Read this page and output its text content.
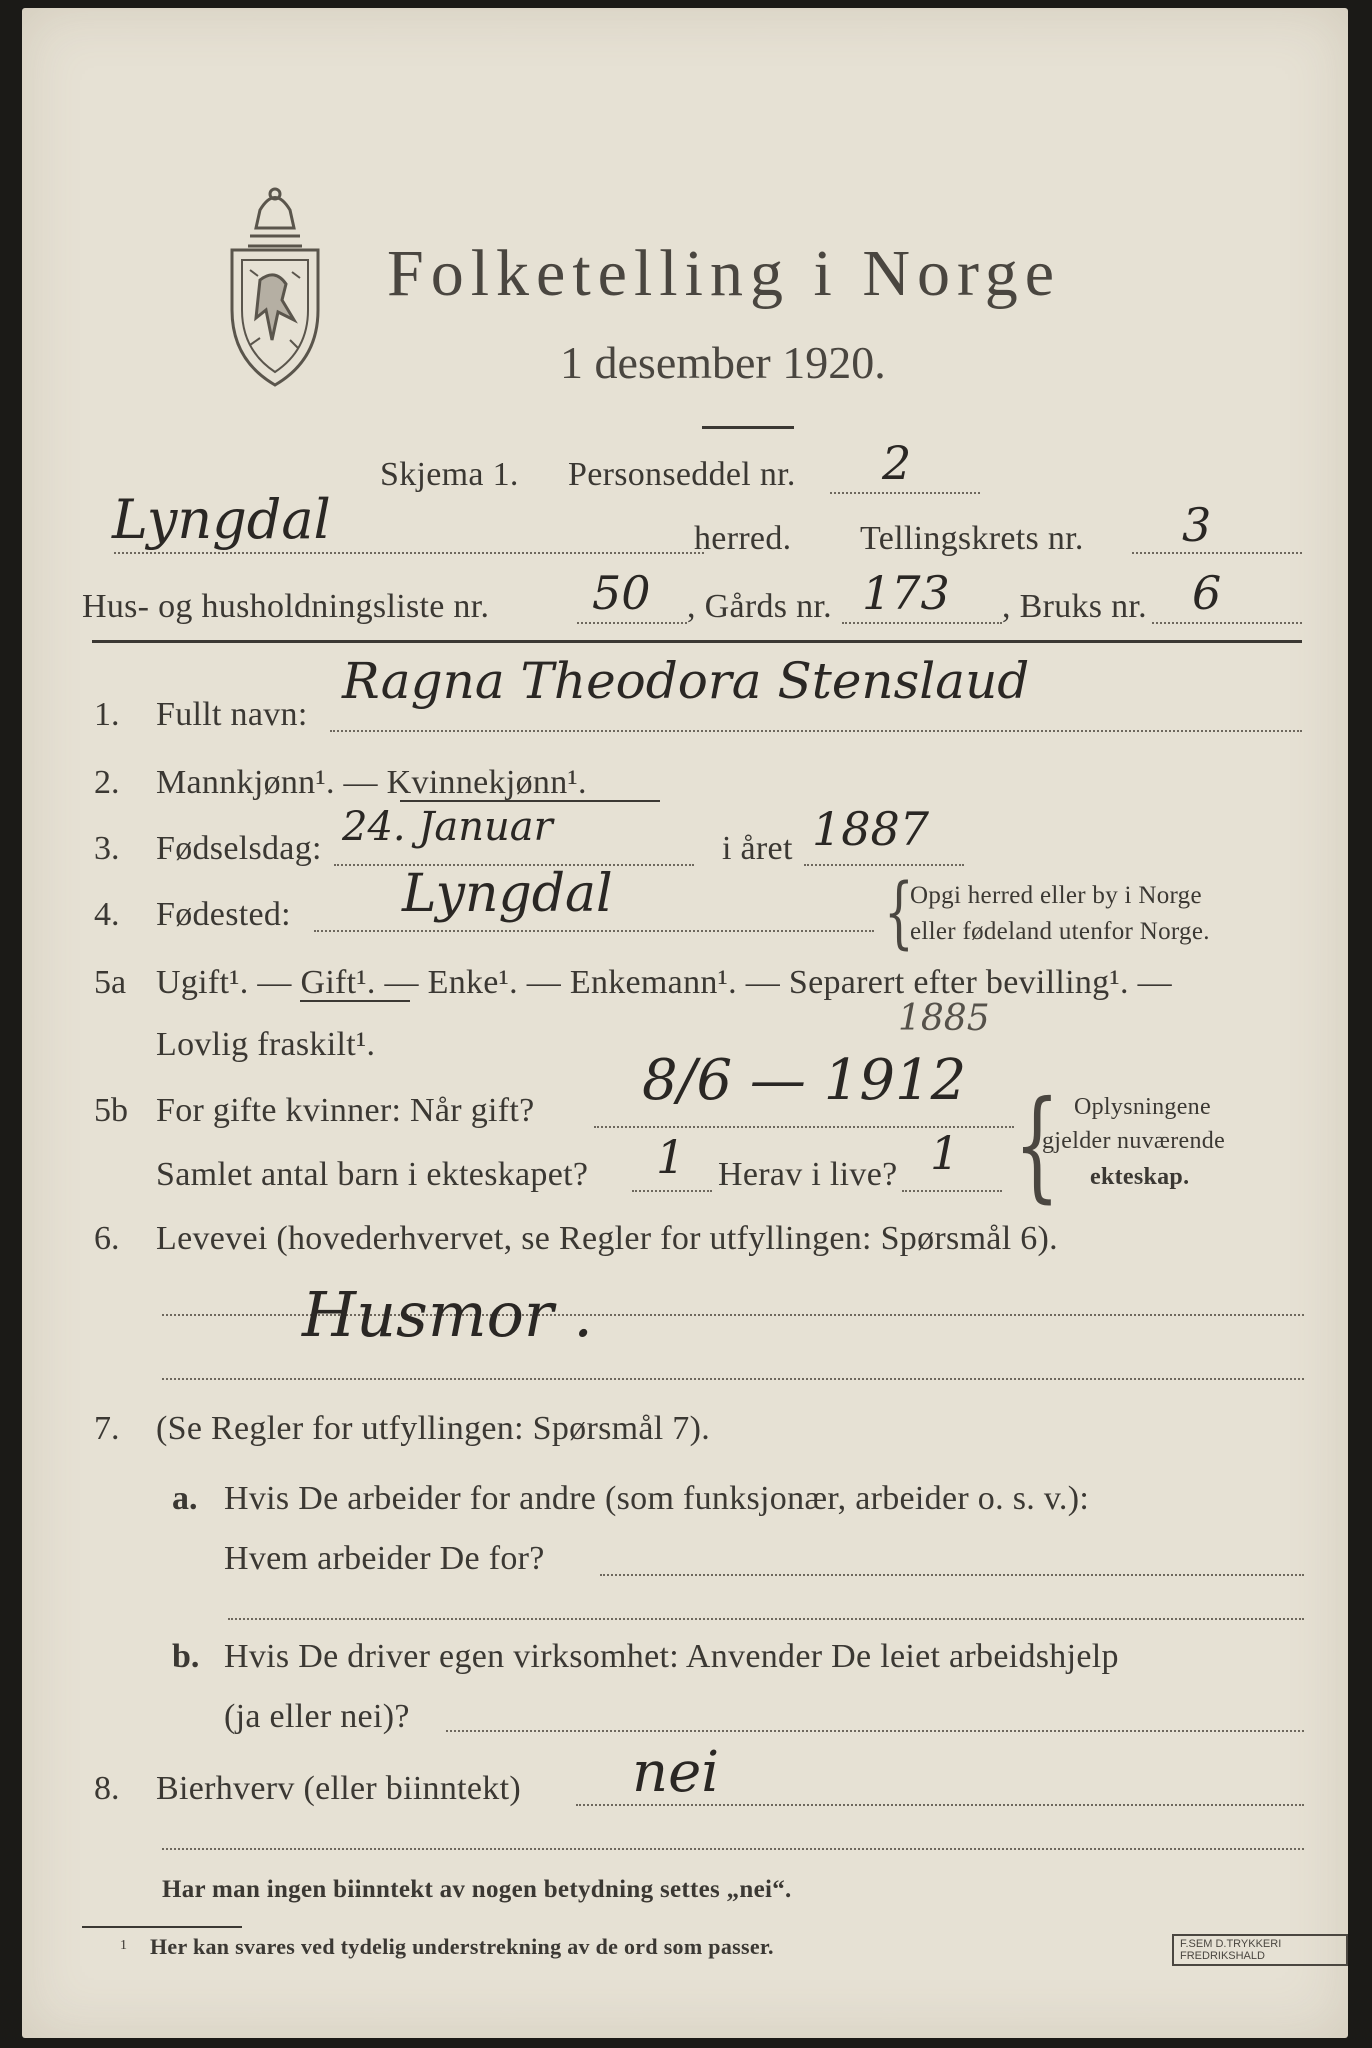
Folketelling i Norge
1 desember 1920.
Skjema 1. Personseddel nr. 2
Lyngdal	herred. Tellingskrets nr. 3
Hus- og husholdningsliste nr. 50 , Gårds nr. 173 , Bruks nr. 6
1. Fullt navn:
Ragna Theodora Stenslaud
2. Mannkjønn¹. — Kvinnekjønn¹.
3. Fødselsdag: 24. Januar	i året 1887
4. Fødested: Lyngdal	{
Opgi herred eller by i Norge
eller fødeland utenfor Norge.
5a Ugift¹. — Gift¹. — Enke¹. — Enkemann¹. — Separert efter bevilling¹. —
1885
Lovlig fraskilt¹.
5b For gifte kvinner: Når gift? 8/6 — 1912
Samlet antal barn i ekteskapet? 1 Herav i live? 1 { Oplysningene
gjelder nuværende
ekteskap.
6. Levevei (hovederhvervet, se Regler for utfyllingen: Spørsmål 6).
Husmor .
7. (Se Regler for utfyllingen: Spørsmål 7).
a. Hvis De arbeider for andre (som funksjonær, arbeider o. s. v.):
Hvem arbeider De for?
b. Hvis De driver egen virksomhet: Anvender De leiet arbeidshjelp
(ja eller nei)?
8. Bierhverv (eller biinntekt) nei
Har man ingen biinntekt av nogen betydning settes „nei“.
1 Her kan svares ved tydelig understrekning av de ord som passer.	F.SEM D.TRYKKERI FREDRIKSHALD
